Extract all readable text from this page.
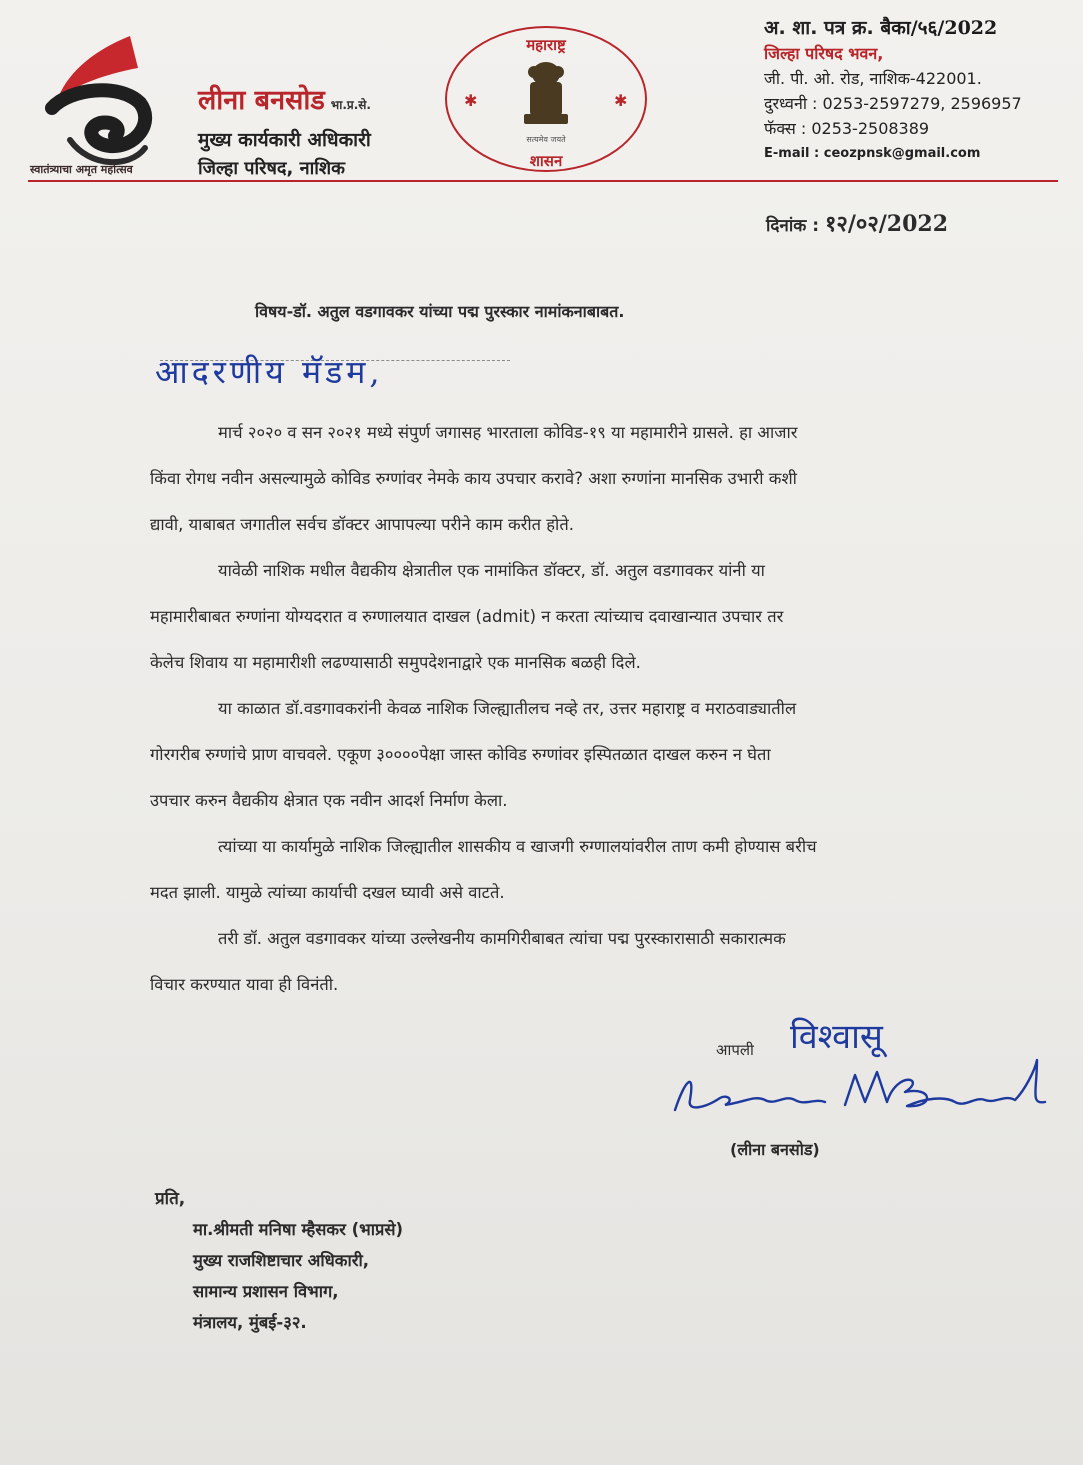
स्वातंत्र्याचा अमृत महोत्सव
लीना बनसोड भा.प्र.से.
मुख्य कार्यकारी अधिकारी
जिल्हा परिषद, नाशिक
महाराष्ट्र
शासन
सत्यमेव जयते
✱	✱
अ. शा. पत्र क्र. बैका/५६/2022
जिल्हा परिषद भवन,
जी. पी. ओ. रोड, नाशिक-422001.
दुरध्वनी : 0253-2597279, 2596957
फॅक्स : 0253-2508389
E-mail : ceozpnsk@gmail.com
दिनांक : १२/०२/2022
विषय-डॉ. अतुल वडगावकर यांच्या पद्म पुरस्कार नामांकनाबाबत.
आदरणीय मॅडम,
मार्च २०२० व सन २०२१ मध्ये संपुर्ण जगासह भारताला कोविड-१९ या महामारीने ग्रासले. हा आजार
किंवा रोगध नवीन असल्यामुळे कोविड रुग्णांवर नेमके काय उपचार करावे? अशा रुग्णांना मानसिक उभारी कशी
द्यावी, याबाबत जगातील सर्वच डॉक्टर आपापल्या परीने काम करीत होते.
यावेळी नाशिक मधील वैद्यकीय क्षेत्रातील एक नामांकित डॉक्टर, डॉ. अतुल वडगावकर यांनी या
महामारीबाबत रुग्णांना योग्यदरात व रुग्णालयात दाखल (admit) न करता त्यांच्याच दवाखान्यात उपचार तर
केलेच शिवाय या महामारीशी लढण्यासाठी समुपदेशनाद्वारे एक मानसिक बळही दिले.
या काळात डॉ.वडगावकरांनी केवळ नाशिक जिल्ह्यातीलच नव्हे तर, उत्तर महाराष्ट्र व मराठवाड्यातील
गोरगरीब रुग्णांचे प्राण वाचवले. एकूण ३००००पेक्षा जास्त कोविड रुग्णांवर इस्पितळात दाखल करुन न घेता
उपचार करुन वैद्यकीय क्षेत्रात एक नवीन आदर्श निर्माण केला.
त्यांच्या या कार्यामुळे नाशिक जिल्ह्यातील शासकीय व खाजगी रुग्णालयांवरील ताण कमी होण्यास बरीच
मदत झाली. यामुळे त्यांच्या कार्याची दखल घ्यावी असे वाटते.
तरी डॉ. अतुल वडगावकर यांच्या उल्लेखनीय कामगिरीबाबत त्यांचा पद्म पुरस्कारासाठी सकारात्मक
विचार करण्यात यावा ही विनंती.
आपली विश्वासू
(लीना बनसोड)
प्रति,
मा.श्रीमती मनिषा म्हैसकर (भाप्रसे)
मुख्य राजशिष्टाचार अधिकारी,
सामान्य प्रशासन विभाग,
मंत्रालय, मुंबई-३२.
